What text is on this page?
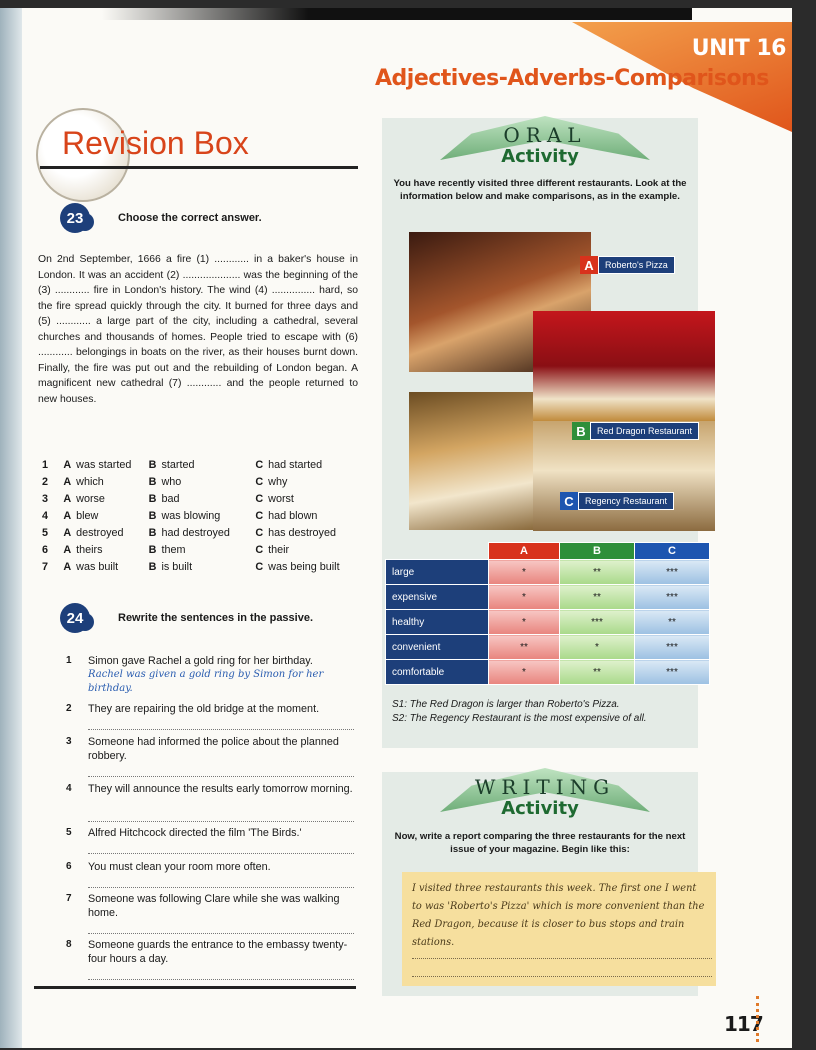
UNIT 16
Adjectives-Adverbs-Comparisons
Revision Box
23	Choose the correct answer.
On 2nd September, 1666 a fire (1) ............ in a baker's house in London. It was an accident (2) .................... was the beginning of the (3) ............ fire in London's history. The wind (4) ............... hard, so the fire spread quickly through the city. It burned for three days and (5) ............ a large part of the city, including a cathedral, several churches and thousands of homes. People tried to escape with (6) ............ belongings in boats on the river, as their houses burnt down. Finally, the fire was put out and the rebuilding of London began. A magnificent new cathedral (7) ............ and the people returned to new houses.
1	A was started B started	C had started
2	A which	B who	C why
3	A worse	B bad	C worst
4	A blew	B was blowing	C had blown
5	A destroyed B had destroyed C has destroyed
6	A theirs	B them	C their
7	A was built	B is built	C was being built
24	Rewrite the sentences in the passive.
1 Simon gave Rachel a gold ring for her birthday.
Rachel was given a gold ring by Simon for her birthday.
2 They are repairing the old bridge at the moment.
3 Someone had informed the police about the planned robbery.
4 They will announce the results early tomorrow morning.
5 Alfred Hitchcock directed the film 'The Birds.'
6 You must clean your room more often.
7 Someone was following Clare while she was walking home.
8 Someone guards the entrance to the embassy twenty-four hours a day.
ORAL
Activity
You have recently visited three different restaurants. Look at the information below and make comparisons, as in the example.
A	Roberto's Pizza
B	Red Dragon Restaurant
C	Regency Restaurant
	A	B	C
large	*	**	***
expensive	*	**	***
healthy	*	***	**
convenient	**	*	***
comfortable	*	**	***
S1: The Red Dragon is larger than Roberto's Pizza.
S2: The Regency Restaurant is the most expensive of all.
WRITING
Activity
Now, write a report comparing the three restaurants for the next issue of your magazine. Begin like this:
I visited three restaurants this week. The first one I went to was 'Roberto's Pizza' which is more convenient than the Red Dragon, because it is closer to bus stops and train stations.
117
